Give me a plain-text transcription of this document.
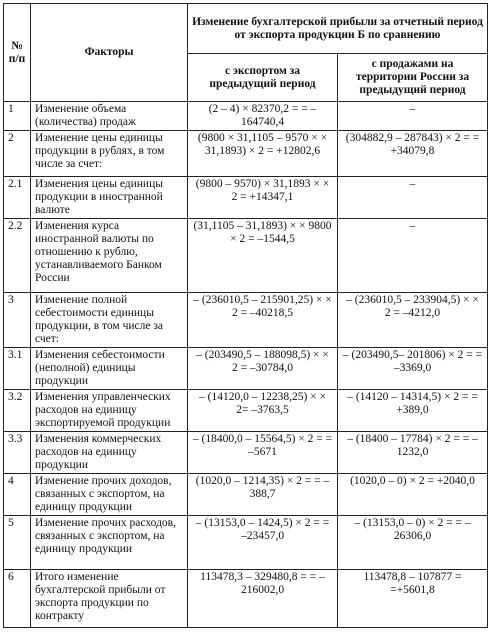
№ п/п	Факторы	Изменение бухгалтерской прибыли за отчетный период от экспорта продукции Б по сравнению	
		с экспортом за предыдущий период	с продажами на территории России за предыдущий период
1	Изменение объема (количества) продаж	(2 – 4) × 82370,2 = = – 164740,4	–
2	Изменение цены единицы продукции в рублях, в том числе за счет:	(9800 × 31,1105 – 9570 × × 31,1893) × 2 = +12802,6	(304882,9 – 287843) × 2 = = +34079,8
2.1	Изменения цены единицы продукции в иностранной валюте	(9800 – 9570) × 31,1893 × × 2 = +14347,1	–
2.2	Изменения курса иностранной валюты по отношению к рублю, устанавливаемого Банком России	(31,1105 – 31,1893) × × 9800 × 2 = –1544,5	–
3	Изменение полной себестоимости единицы продукции, в том числе за счет:	– (236010,5 – 215901,25) × × 2 = –40218,5	– (236010,5 – 233904,5) × × 2 = –4212,0
3.1	Изменения себестоимости (неполной) единицы продукции	– (203490,5 – 188098,5) × × 2 = –30784,0	– (203490,5– 201806) × 2 = = –3369,0
3.2	Изменения управленческих расходов на единицу экспортируемой продукции	– (14120,0 – 12238,25) × × 2= –3763,5	– (14120 – 14314,5) × 2 = = +389,0
3.3	Изменения коммерческих расходов на единицу продукции	– (18400,0 – 15564,5) × 2 = = –5671	– (18400 – 17784) × 2 = = –1232,0
4	Изменение прочих доходов, связанных с экспортом, на единицу продукции	(1020,0 – 1214,35) × 2 = = –388,7	(1020,0 – 0) × 2 = +2040,0
5	Изменение прочих расходов, связанных с экспортом, на единицу продукции	– (13153,0 – 1424,5) × 2 = = –23457,0	– (13153,0 – 0) × 2 = = –26306,0
6	Итого изменение бухгалтерской прибыли от экспорта продукции по контракту	113478,3 – 329480,8 = = –216002,0	113478,8 – 107877 = =+5601,8
